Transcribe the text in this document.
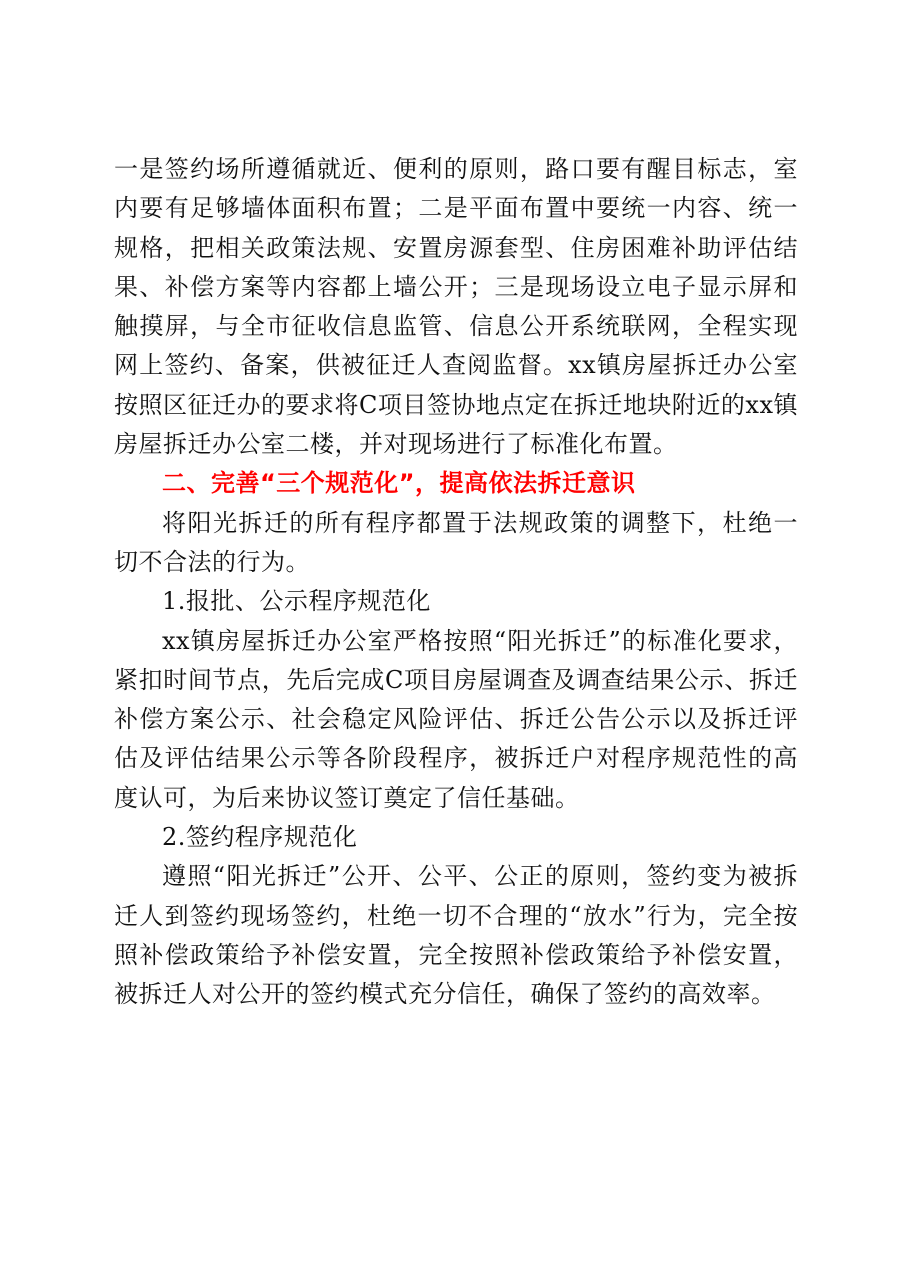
一是签约场所遵循就近、便利的原则，路口要有醒目标志，室内要有足够墙体面积布置；二是平面布置中要统一内容、统一规格，把相关政策法规、安置房源套型、住房困难补助评估结果、补偿方案等内容都上墙公开；三是现场设立电子显示屏和触摸屏，与全市征收信息监管、信息公开系统联网，全程实现网上签约、备案，供被征迁人查阅监督。xx镇房屋拆迁办公室按照区征迁办的要求将C项目签协地点定在拆迁地块附近的xx镇房屋拆迁办公室二楼，并对现场进行了标准化布置。

二、完善“三个规范化”，提高依法拆迁意识

将阳光拆迁的所有程序都置于法规政策的调整下，杜绝一切不合法的行为。

1.报批、公示程序规范化

xx镇房屋拆迁办公室严格按照“阳光拆迁”的标准化要求，紧扣时间节点，先后完成C项目房屋调查及调查结果公示、拆迁补偿方案公示、社会稳定风险评估、拆迁公告公示以及拆迁评估及评估结果公示等各阶段程序，被拆迁户对程序规范性的高度认可，为后来协议签订奠定了信任基础。

2.签约程序规范化

遵照“阳光拆迁”公开、公平、公正的原则，签约变为被拆迁人到签约现场签约，杜绝一切不合理的“放水”行为，完全按照补偿政策给予补偿安置，完全按照补偿政策给予补偿安置，被拆迁人对公开的签约模式充分信任，确保了签约的高效率。
